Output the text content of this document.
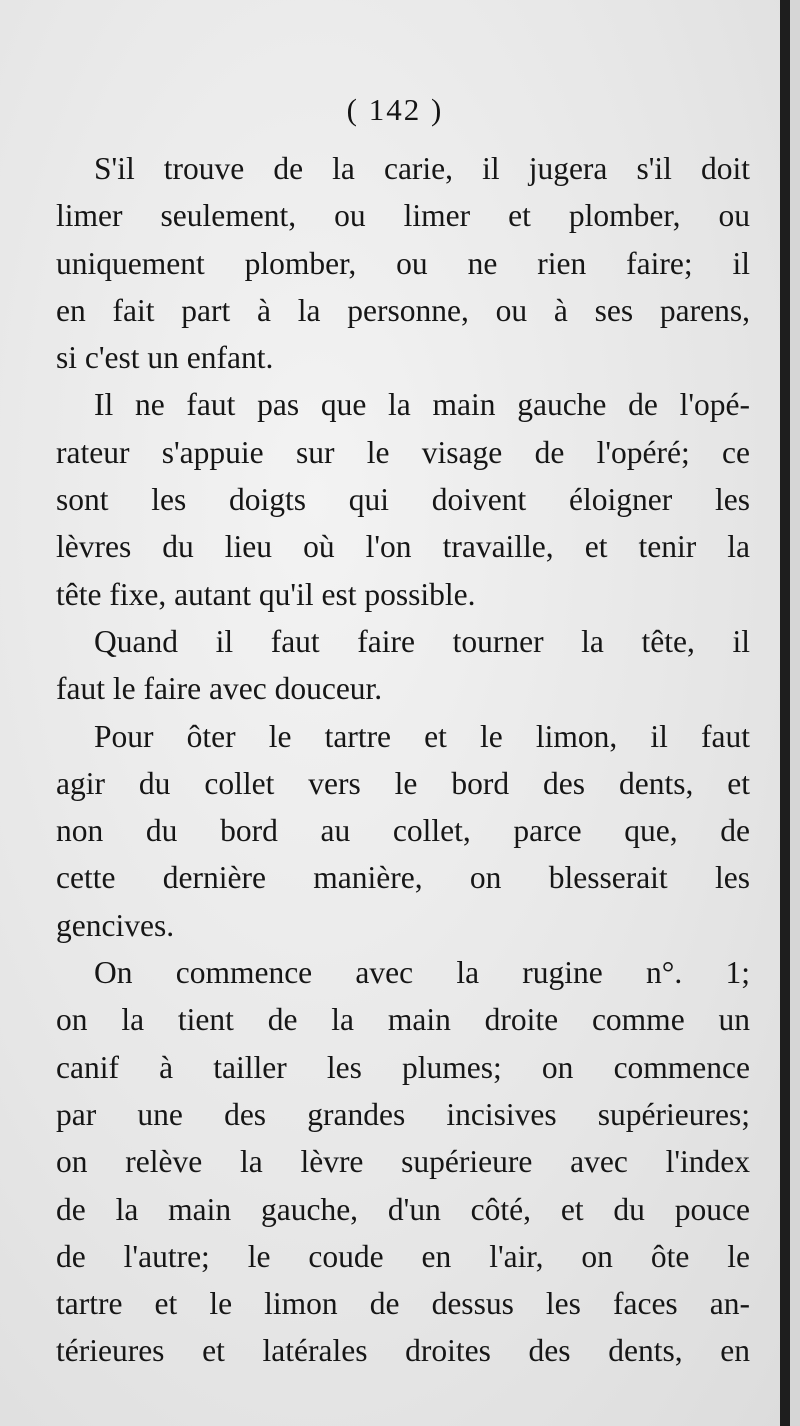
( 142 )
S'il trouve de la carie, il jugera s'il doit
limer seulement, ou limer et plomber, ou
uniquement plomber, ou ne rien faire; il
en fait part à la personne, ou à ses parens,
si c'est un enfant.
Il ne faut pas que la main gauche de l'opé-
rateur s'appuie sur le visage de l'opéré; ce
sont les doigts qui doivent éloigner les
lèvres du lieu où l'on travaille, et tenir la
tête fixe, autant qu'il est possible.
Quand il faut faire tourner la tête, il
faut le faire avec douceur.
Pour ôter le tartre et le limon, il faut
agir du collet vers le bord des dents, et
non du bord au collet, parce que, de
cette dernière manière, on blesserait les
gencives.
On commence avec la rugine n°. 1;
on la tient de la main droite comme un
canif à tailler les plumes; on commence
par une des grandes incisives supérieures;
on relève la lèvre supérieure avec l'index
de la main gauche, d'un côté, et du pouce
de l'autre; le coude en l'air, on ôte le
tartre et le limon de dessus les faces an-
térieures et latérales droites des dents, en
